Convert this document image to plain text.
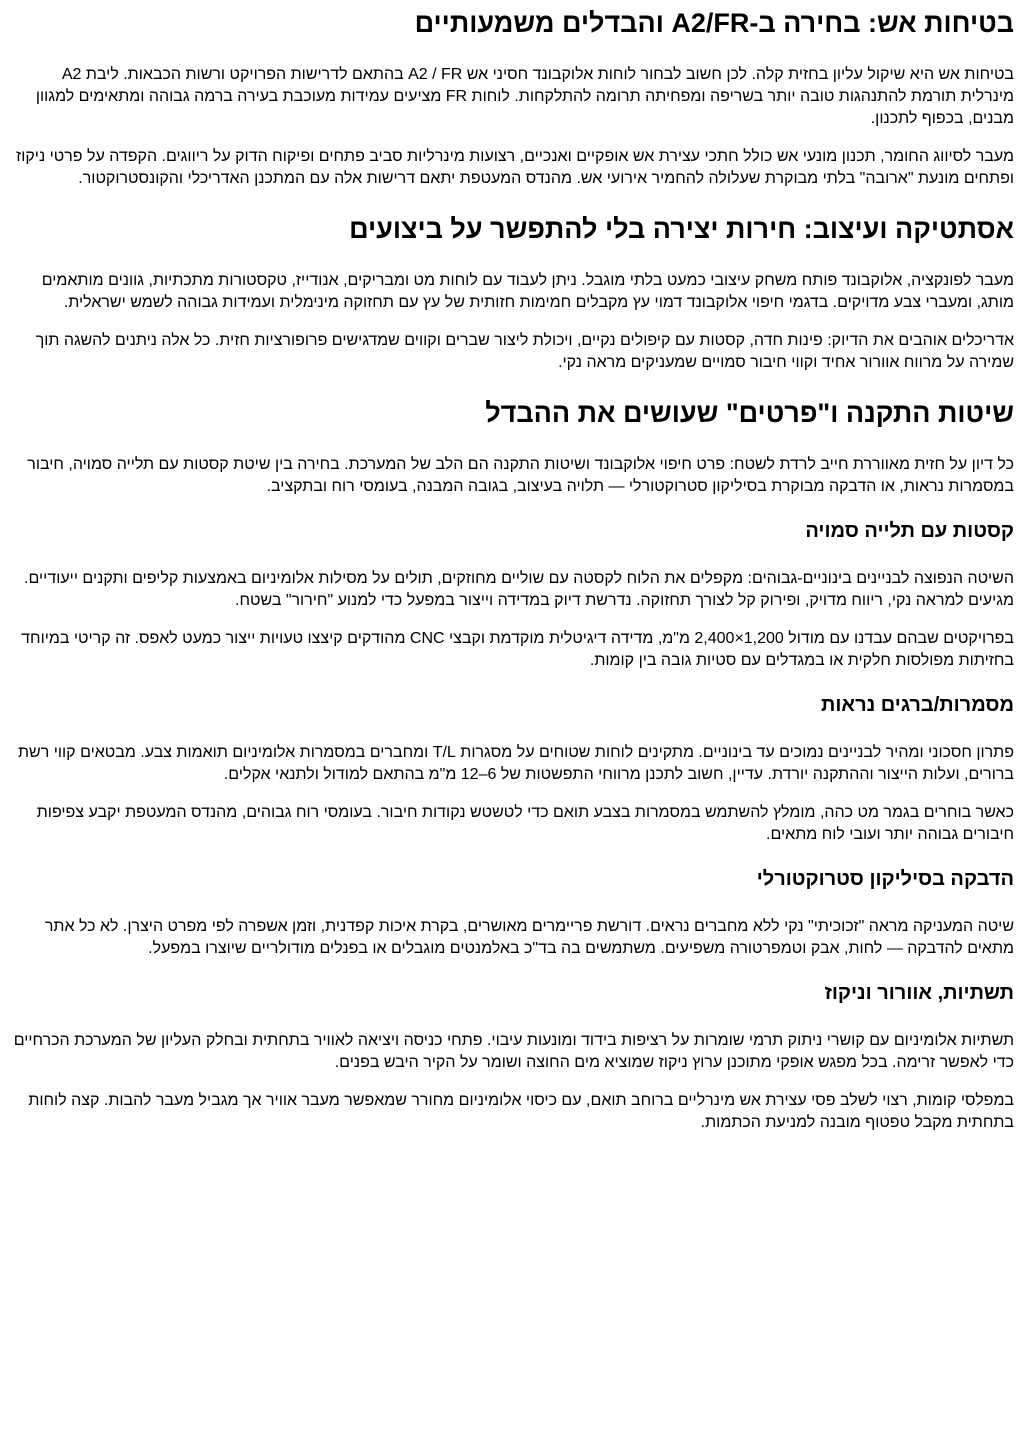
בטיחות אש: בחירה ב-A2/FR והבדלים משמעותיים

בטיחות אש היא שיקול עליון בחזית קלה. לכן חשוב לבחור לוחות אלוקבונד חסיני אש A2 / FR בהתאם לדרישות הפרויקט ורשות הכבאות. ליבת A2 מינרלית תורמת להתנהגות טובה יותר בשריפה ומפחיתה תרומה להתלקחות. לוחות FR מציעים עמידות מעוכבת בעירה ברמה גבוהה ומתאימים למגוון מבנים, בכפוף לתכנון.

מעבר לסיווג החומר, תכנון מונעי אש כולל חתכי עצירת אש אופקיים ואנכיים, רצועות מינרליות סביב פתחים ופיקוח הדוק על ריווגים. הקפדה על פרטי ניקוז ופתחים מונעת "ארובה" בלתי מבוקרת שעלולה להחמיר אירועי אש. מהנדס המעטפת יתאם דרישות אלה עם המתכנן האדריכלי והקונסטרוקטור.

אסתטיקה ועיצוב: חירות יצירה בלי להתפשר על ביצועים

מעבר לפונקציה, אלוקבונד פותח משחק עיצובי כמעט בלתי מוגבל. ניתן לעבוד עם לוחות מט ומבריקים, אנודייז, טקסטורות מתכתיות, גוונים מותאמים מותג, ומעברי צבע מדויקים. בדגמי חיפוי אלוקבונד דמוי עץ מקבלים חמימות חזותית של עץ עם תחזוקה מינימלית ועמידות גבוהה לשמש ישראלית.

אדריכלים אוהבים את הדיוק: פינות חדה, קסטות עם קיפולים נקיים, ויכולת ליצור שברים וקווים שמדגישים פרופורציות חזית. כל אלה ניתנים להשגה תוך שמירה על מרווח אוורור אחיד וקווי חיבור סמויים שמעניקים מראה נקי.

שיטות התקנה ו"פרטים" שעושים את ההבדל

כל דיון על חזית מאווררת חייב לרדת לשטח: פרט חיפוי אלוקבונד ושיטות התקנה הם הלב של המערכת. בחירה בין שיטת קסטות עם תלייה סמויה, חיבור במסמרות נראות, או הדבקה מבוקרת בסיליקון סטרוקטורלי — תלויה בעיצוב, בגובה המבנה, בעומסי רוח ובתקציב.

קסטות עם תלייה סמויה

השיטה הנפוצה לבניינים בינוניים-גבוהים: מקפלים את הלוח לקסטה עם שוליים מחוזקים, תולים על מסילות אלומיניום באמצעות קליפים ותקנים ייעודיים. מגיעים למראה נקי, ריווח מדויק, ופירוק קל לצורך תחזוקה. נדרשת דיוק במדידה וייצור במפעל כדי למנוע "חירור" בשטח.

בפרויקטים שבהם עבדנו עם מודול 1,200×2,400 מ"מ, מדידה דיגיטלית מוקדמת וקבצי CNC מהודקים קיצצו טעויות ייצור כמעט לאפס. זה קריטי במיוחד בחזיתות מפולסות חלקית או במגדלים עם סטיות גובה בין קומות.

מסמרות/ברגים נראות

פתרון חסכוני ומהיר לבניינים נמוכים עד בינוניים. מתקינים לוחות שטוחים על מסגרות T/L ומחברים במסמרות אלומיניום תואמות צבע. מבטאים קווי רשת ברורים, ועלות הייצור וההתקנה יורדת. עדיין, חשוב לתכנן מרווחי התפשטות של 6–12 מ"מ בהתאם למודול ולתנאי אקלים.

כאשר בוחרים בגמר מט כהה, מומלץ להשתמש במסמרות בצבע תואם כדי לטשטש נקודות חיבור. בעומסי רוח גבוהים, מהנדס המעטפת יקבע צפיפות חיבורים גבוהה יותר ועובי לוח מתאים.

הדבקה בסיליקון סטרוקטורלי

שיטה המעניקה מראה "זכוכיתי" נקי ללא מחברים נראים. דורשת פריימרים מאושרים, בקרת איכות קפדנית, וזמן אשפרה לפי מפרט היצרן. לא כל אתר מתאים להדבקה — לחות, אבק וטמפרטורה משפיעים. משתמשים בה בד"כ באלמנטים מוגבלים או בפנלים מודולריים שיוצרו במפעל.

תשתיות, אוורור וניקוז

תשתיות אלומיניום עם קושרי ניתוק תרמי שומרות על רציפות בידוד ומונעות עיבוי. פתחי כניסה ויציאה לאוויר בתחתית ובחלק העליון של המערכת הכרחיים כדי לאפשר זרימה. בכל מפגש אופקי מתוכנן ערוץ ניקוז שמוציא מים החוצה ושומר על הקיר היבש בפנים.

במפלסי קומות, רצוי לשלב פסי עצירת אש מינרליים ברוחב תואם, עם כיסוי אלומיניום מחורר שמאפשר מעבר אוויר אך מגביל מעבר להבות. קצה לוחות בתחתית מקבל טפטוף מובנה למניעת הכתמות.
